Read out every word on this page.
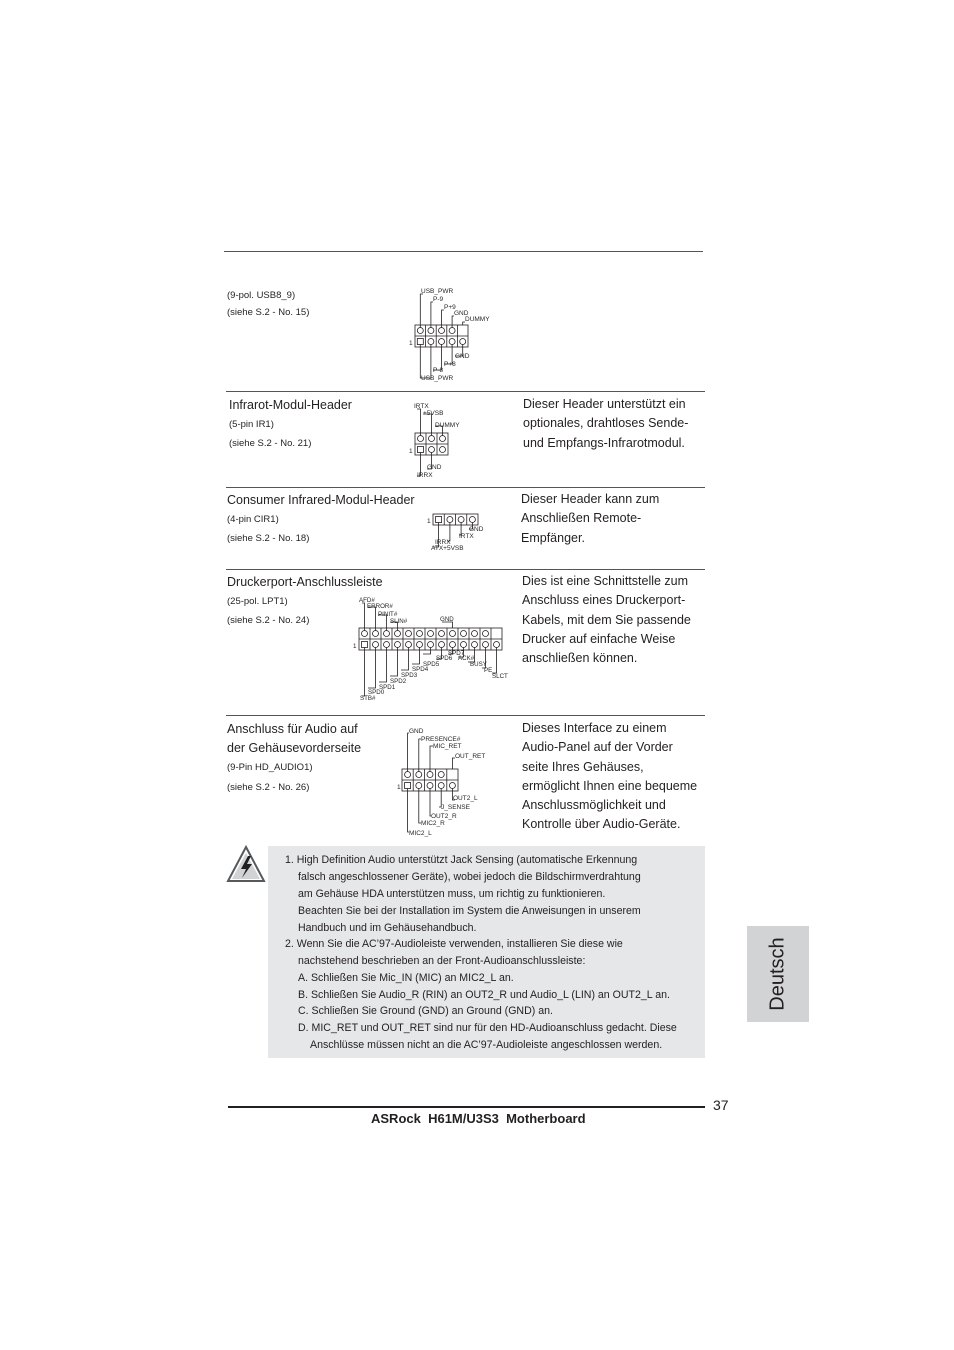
(9-pol. USB8_9)
(siehe S.2 - No. 15)
USB_PWR
P-9
P+9
GND
DUMMY
GND
P+8
P-8
USB_PWR
1
Infrarot-Modul-Header
(5-pin IR1)
(siehe S.2 - No. 21)
Dieser Header unterstützt ein
optionales, drahtloses Sende-
und Empfangs-Infrarotmodul.
IRTX
+5VSB
DUMMY
GND
IRRX
1
Consumer Infrared-Modul-Header
(4-pin CIR1)
(siehe S.2 - No. 18)
Dieser Header kann zum
Anschließen Remote-
Empfänger.
GND
IRTX
IRRX
ATX+5VSB
1
Druckerport-Anschlussleiste
(25-pol. LPT1)
(siehe S.2 - No. 24)
Dies ist eine Schnittstelle zum
Anschluss eines Druckerport-
Kabels, mit dem Sie passende
Drucker auf einfache Weise
anschließen können.
AFD#
ERROR#
PINIT#
SLIN#	GND
SPD7
SPD6 ACK#
SPD5	BUSY
SPD4	PE
SPD3	SLCT
SPD2
SPD1
SPD0
STB#
1
Anschluss für Audio auf
der Gehäusevorderseite
(9-Pin HD_AUDIO1)
(siehe S.2 - No. 26)
Dieses Interface zu einem
Audio-Panel auf der Vorder
seite Ihres Gehäuses,
ermöglicht Ihnen eine bequeme
Anschlussmöglichkeit und
Kontrolle über Audio-Geräte.
GND
PRESENCE#
MIC_RET
OUT_RET
OUT2_L
J_SENSE
OUT2_R
MIC2_R
MIC2_L
1
1. High Definition Audio unterstützt Jack Sensing (automatische Erkennung
falsch angeschlossener Geräte), wobei jedoch die Bildschirmverdrahtung
am Gehäuse HDA unterstützen muss, um richtig zu funktionieren.
Beachten Sie bei der Installation im System die Anweisungen in unserem
Handbuch und im Gehäusehandbuch.
2. Wenn Sie die AC’97-Audioleiste verwenden, installieren Sie diese wie
nachstehend beschrieben an der Front-Audioanschlussleiste:
A. Schließen Sie Mic_IN (MIC) an MIC2_L an.
B. Schließen Sie Audio_R (RIN) an OUT2_R und Audio_L (LIN) an OUT2_L an.
C. Schließen Sie Ground (GND) an Ground (GND) an.
D. MIC_RET und OUT_RET sind nur für den HD-Audioanschluss gedacht. Diese
Anschlüsse müssen nicht an die AC’97-Audioleiste angeschlossen werden.
Deutsch
37
ASRock  H61M/U3S3  Motherboard
